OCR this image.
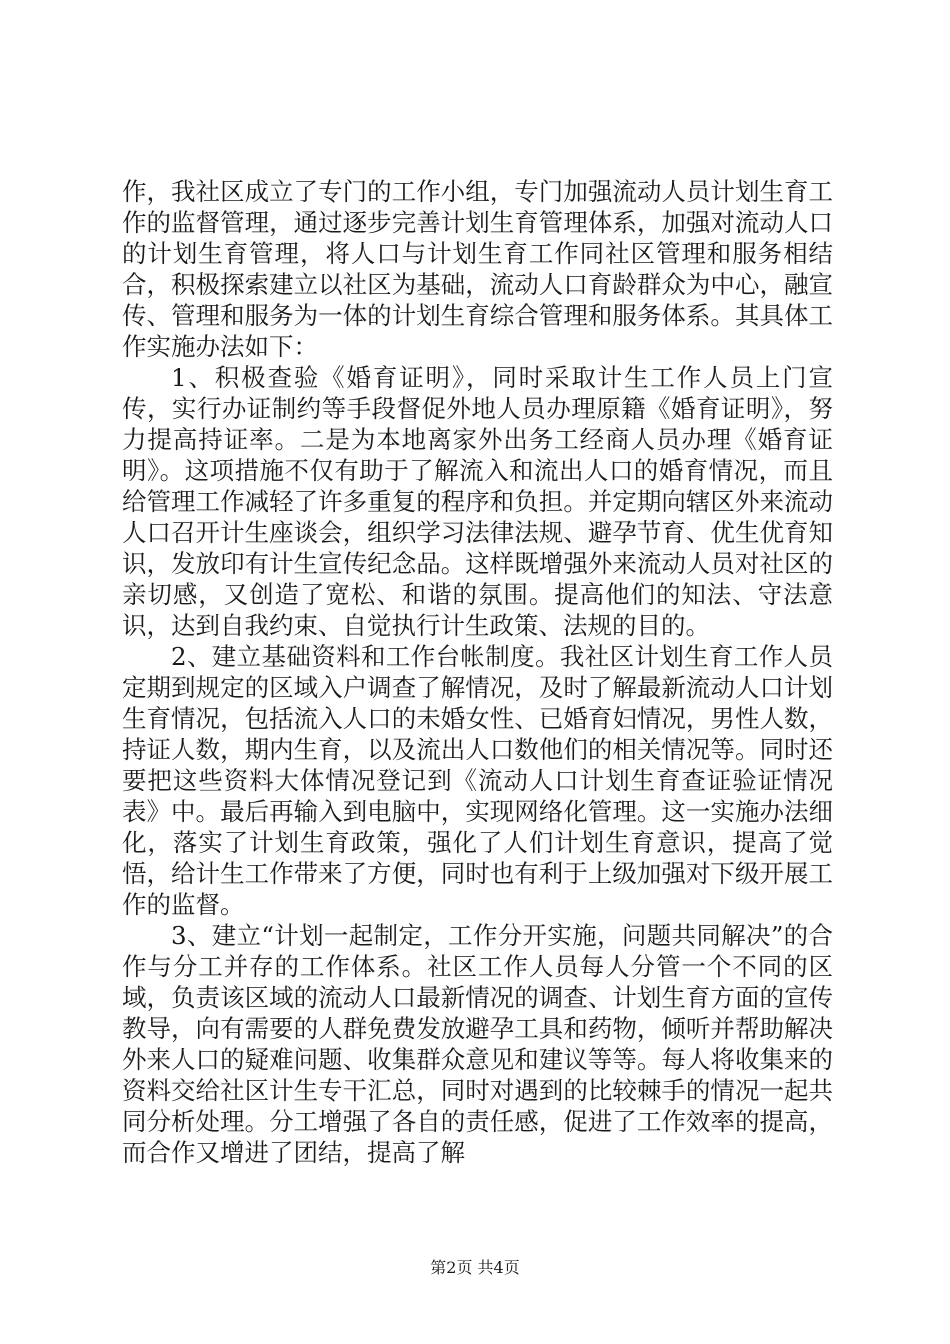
作，我社区成立了专门的工作小组，专门加强流动人员计划生育工作的监督管理，通过逐步完善计划生育管理体系，加强对流动人口的计划生育管理，将人口与计划生育工作同社区管理和服务相结合，积极探索建立以社区为基础，流动人口育龄群众为中心，融宣传、管理和服务为一体的计划生育综合管理和服务体系。其具体工作实施办法如下：

1、积极查验《婚育证明》，同时采取计生工作人员上门宣传，实行办证制约等手段督促外地人员办理原籍《婚育证明》，努力提高持证率。二是为本地离家外出务工经商人员办理《婚育证明》。这项措施不仅有助于了解流入和流出人口的婚育情况，而且给管理工作减轻了许多重复的程序和负担。并定期向辖区外来流动人口召开计生座谈会，组织学习法律法规、避孕节育、优生优育知识，发放印有计生宣传纪念品。这样既增强外来流动人员对社区的亲切感，又创造了宽松、和谐的氛围。提高他们的知法、守法意识，达到自我约束、自觉执行计生政策、法规的目的。

2、建立基础资料和工作台帐制度。我社区计划生育工作人员定期到规定的区域入户调查了解情况，及时了解最新流动人口计划生育情况，包括流入人口的未婚女性、已婚育妇情况，男性人数，持证人数，期内生育，以及流出人口数他们的相关情况等。同时还要把这些资料大体情况登记到《流动人口计划生育查证验证情况表》中。最后再输入到电脑中，实现网络化管理。这一实施办法细化，落实了计划生育政策，强化了人们计划生育意识，提高了觉悟，给计生工作带来了方便，同时也有利于上级加强对下级开展工作的监督。

3、建立“计划一起制定，工作分开实施，问题共同解决”的合作与分工并存的工作体系。社区工作人员每人分管一个不同的区域，负责该区域的流动人口最新情况的调查、计划生育方面的宣传教导，向有需要的人群免费发放避孕工具和药物，倾听并帮助解决外来人口的疑难问题、收集群众意见和建议等等。每人将收集来的资料交给社区计生专干汇总，同时对遇到的比较棘手的情况一起共同分析处理。分工增强了各自的责任感，促进了工作效率的提高，而合作又增进了团结，提高了解

第2页 共4页
